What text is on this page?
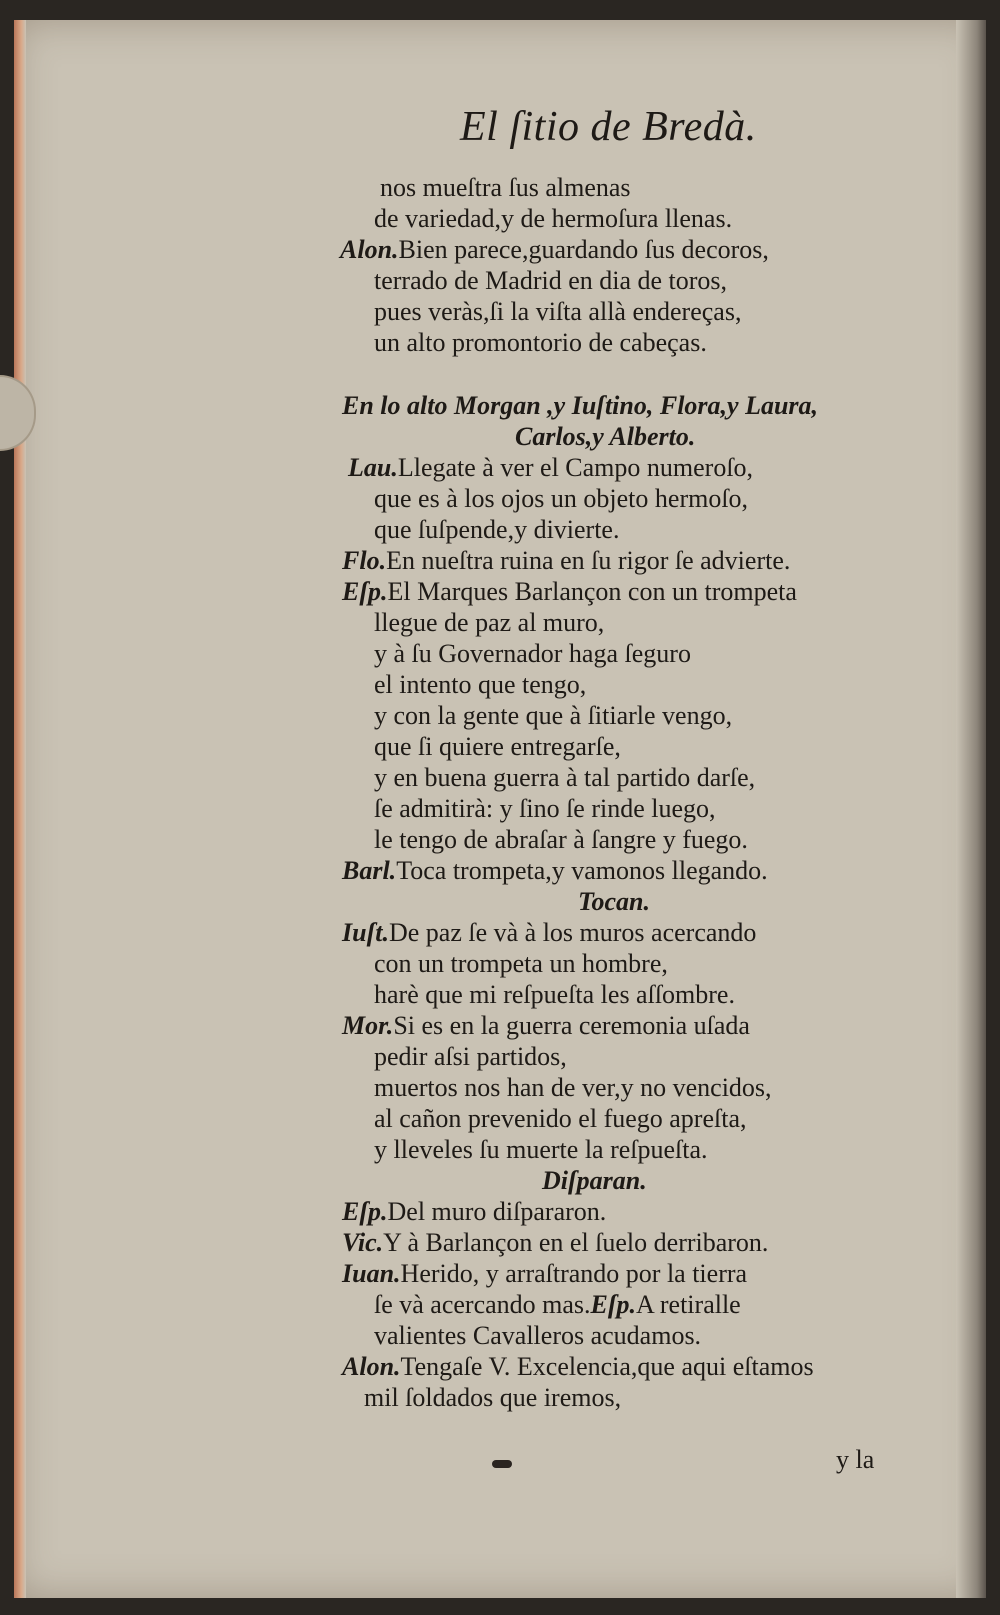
El ſitio de Bredà.
nos mueſtra ſus almenas
de variedad,y de hermoſura llenas.
Alon.Bien parece,guardando ſus decoros,
terrado de Madrid en dia de toros,
pues veràs,ſi la viſta allà endereças,
un alto promontorio de cabeças.
En lo alto Morgan ,y Iuſtino, Flora,y Laura,
Carlos,y Alberto.
Lau.Llegate à ver el Campo numeroſo,
que es à los ojos un objeto hermoſo,
que ſuſpende,y divierte.
Flo.En nueſtra ruina en ſu rigor ſe advierte.
Eſp.El Marques Barlançon con un trompeta
llegue de paz al muro,
y à ſu Governador haga ſeguro
el intento que tengo,
y con la gente que à ſitiarle vengo,
que ſi quiere entregarſe,
y en buena guerra à tal partido darſe,
ſe admitirà: y ſino ſe rinde luego,
le tengo de abraſar à ſangre y fuego.
Barl.Toca trompeta,y vamonos llegando.
Tocan.
Iuſt.De paz ſe và à los muros acercando
con un trompeta un hombre,
harè que mi reſpueſta les aſſombre.
Mor.Si es en la guerra ceremonia uſada
pedir aſsi partidos,
muertos nos han de ver,y no vencidos,
al cañon prevenido el fuego apreſta,
y lleveles ſu muerte la reſpueſta.
Diſparan.
Eſp.Del muro diſpararon.
Vic.Y à Barlançon en el ſuelo derribaron.
Iuan.Herido, y arraſtrando por la tierra
ſe và acercando mas.Eſp.A retiralle
valientes Cavalleros acudamos.
Alon.Tengaſe V. Excelencia,que aqui eſtamos
mil ſoldados que iremos,
y la
